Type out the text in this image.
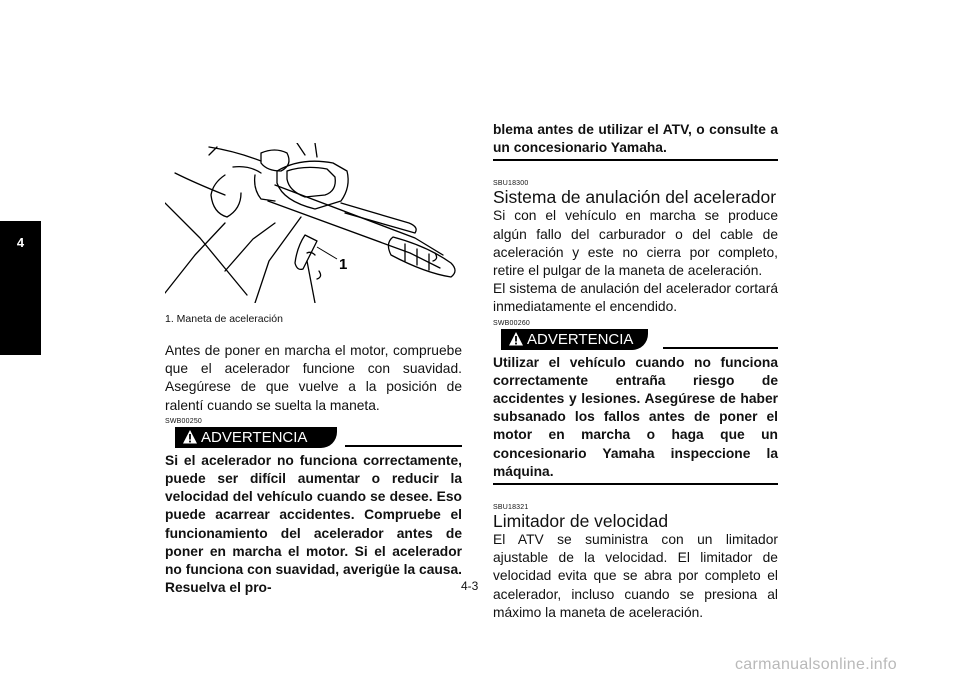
4
1
1. Maneta de aceleración

Antes de poner en marcha el motor, compruebe que el acelerador funcione con suavidad. Asegúrese de que vuelve a la posición de ralentí cuando se suelta la maneta.

SWB00250
ADVERTENCIA

Si el acelerador no funciona correctamente, puede ser difícil aumentar o reducir la velocidad del vehículo cuando se desee. Eso puede acarrear accidentes. Compruebe el funcionamiento del acelerador antes de poner en marcha el motor. Si el acelerador no funciona con suavidad, averigüe la causa. Resuelva el pro-

blema antes de utilizar el ATV, o consulte a un concesionario Yamaha.

SBU18300
Sistema de anulación del acelerador

Si con el vehículo en marcha se produce algún fallo del carburador o del cable de aceleración y este no cierra por completo, retire el pulgar de la maneta de aceleración.

El sistema de anulación del acelerador cortará inmediatamente el encendido.

SWB00260
ADVERTENCIA

Utilizar el vehículo cuando no funciona correctamente entraña riesgo de accidentes y lesiones. Asegúrese de haber subsanado los fallos antes de poner el motor en marcha o haga que un concesionario Yamaha inspeccione la máquina.

SBU18321
Limitador de velocidad

El ATV se suministra con un limitador ajustable de la velocidad. El limitador de velocidad evita que se abra por completo el acelerador, incluso cuando se presiona al máximo la maneta de aceleración.

4-3
carmanualsonline.info
